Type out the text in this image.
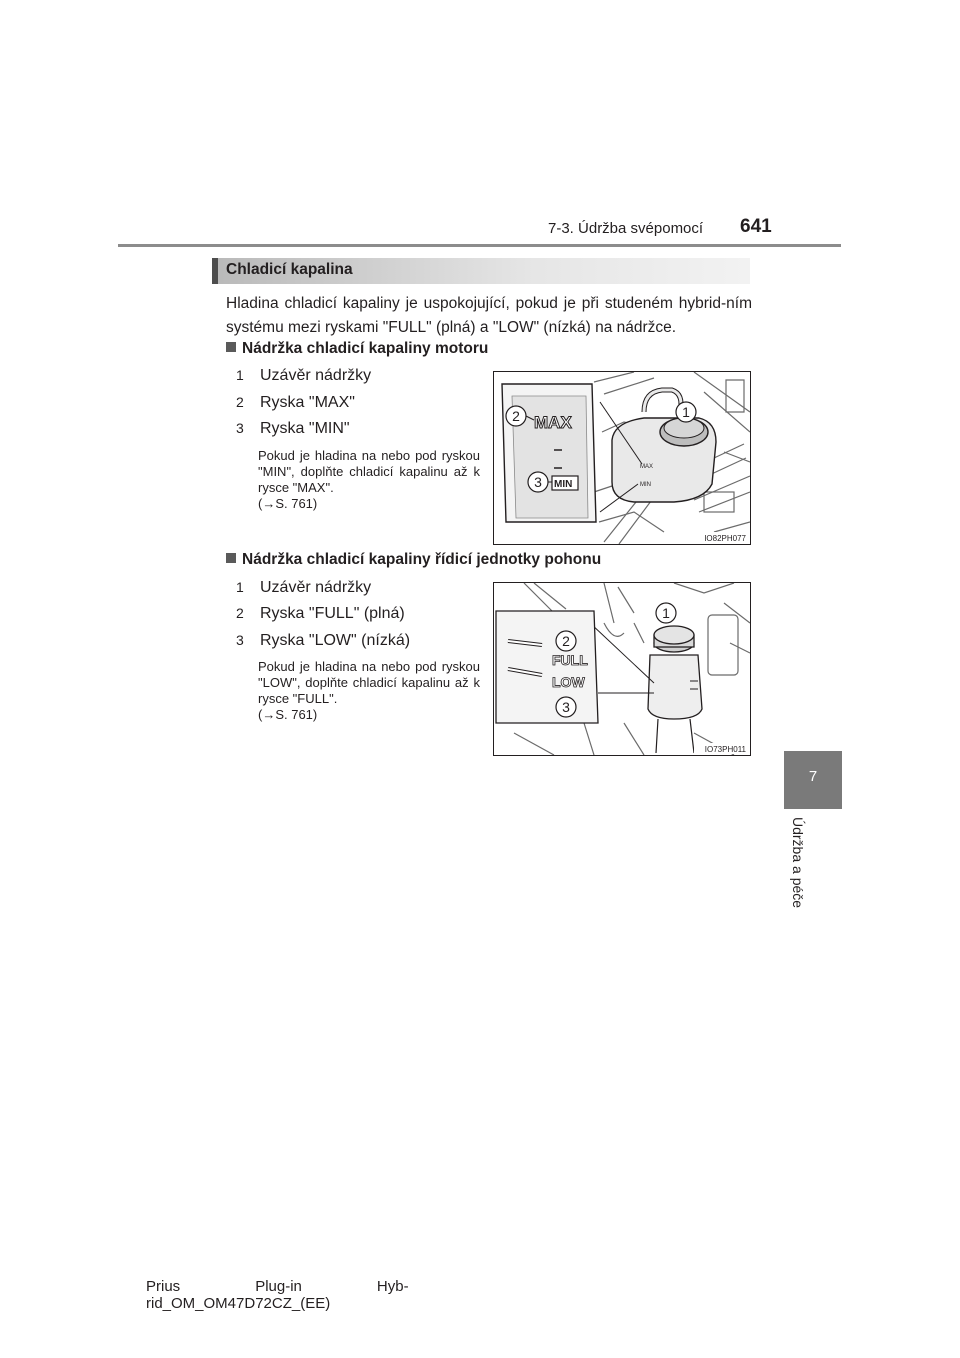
7-3. Údržba svépomocí 641
7
Údržba a péče
Chladicí kapalina
Hladina chladicí kapaliny je uspokojující, pokud je při studeném hybrid-ním systému mezi ryskami "FULL" (plná) a "LOW" (nízká) na nádržce.
Nádržka chladicí kapaliny motoru
1 Uzávěr nádržky
2 Ryska "MAX"
3 Ryska "MIN"
Pokud je hladina na nebo pod ryskou "MIN", doplňte chladicí kapalinu až k rysce "MAX".
(→S. 761)
MAX
MIN
MAX
MIN
2
3
1
IO82PH077
Nádržka chladicí kapaliny řídicí jednotky pohonu
1 Uzávěr nádržky
2 Ryska "FULL" (plná)
3 Ryska "LOW" (nízká)
Pokud je hladina na nebo pod ryskou "LOW", doplňte chladicí kapalinu až k rysce "FULL".
(→S. 761)
FULL
LOW
1
2
3
IO73PH011
Prius                  Plug-in                  Hyb-
rid_OM_OM47D72CZ_(EE)
